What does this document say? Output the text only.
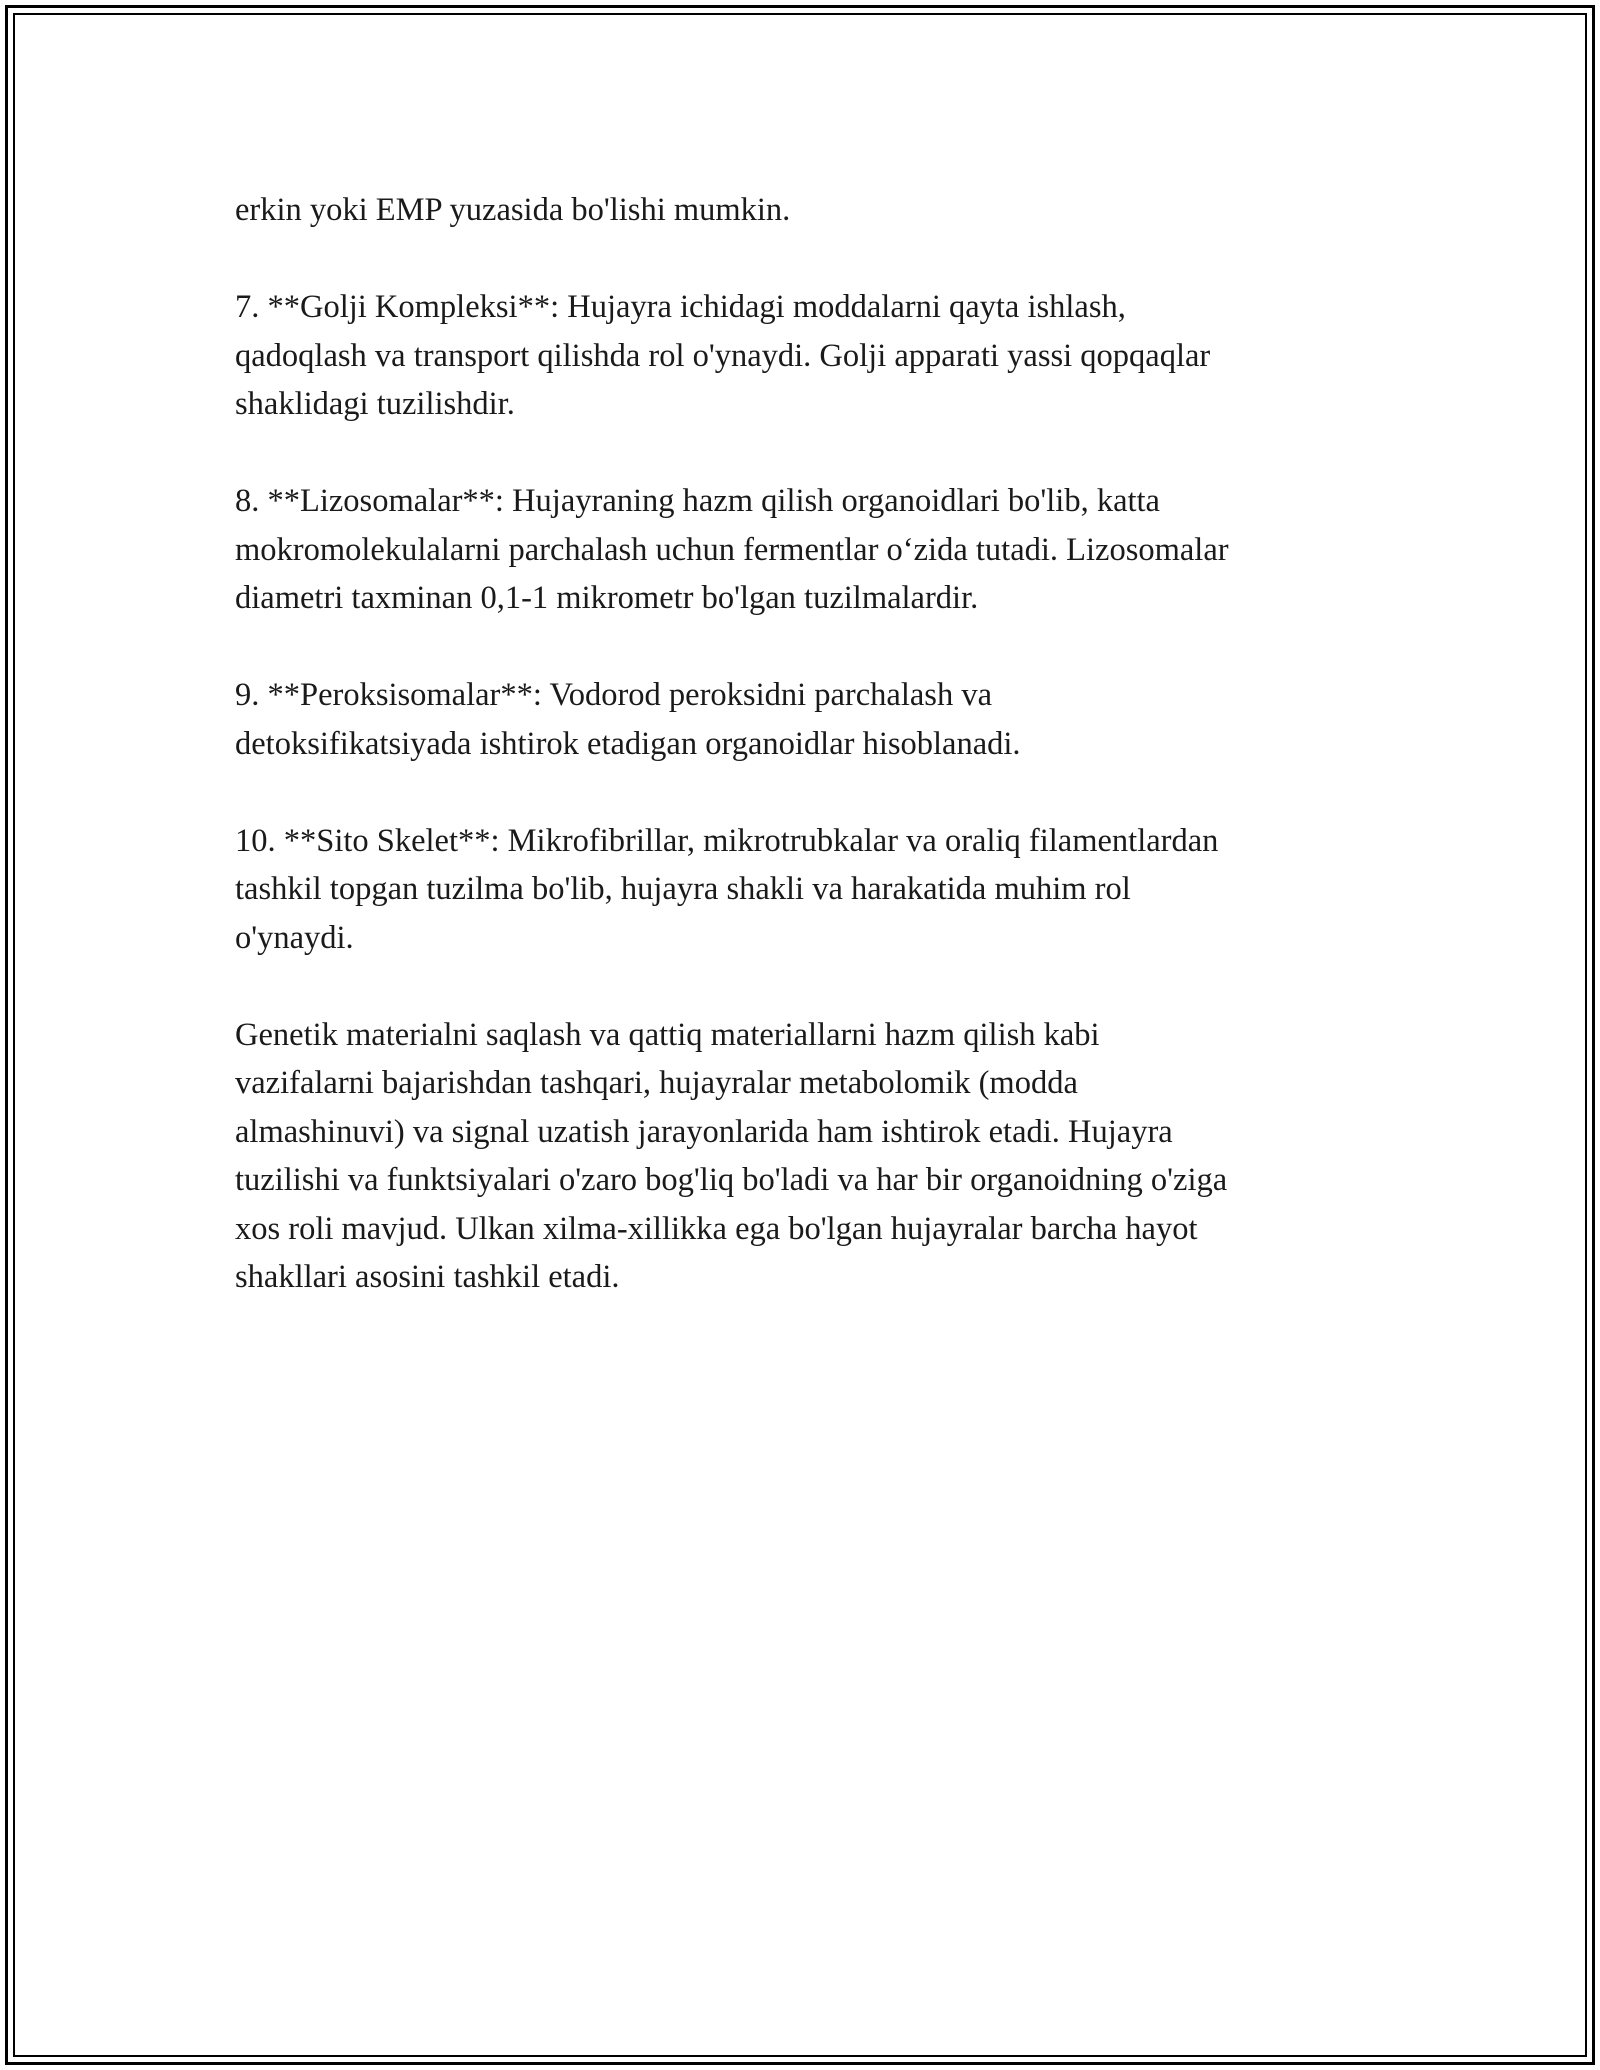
erkin yoki EMP yuzasida bo'lishi mumkin.

7. **Golji Kompleksi**: Hujayra ichidagi moddalarni qayta ishlash,
qadoqlash va transport qilishda rol o'ynaydi. Golji apparati yassi qopqaqlar
shaklidagi tuzilishdir.

8. **Lizosomalar**: Hujayraning hazm qilish organoidlari bo'lib, katta
mokromolekulalarni parchalash uchun fermentlar o‘zida tutadi. Lizosomalar
diametri taxminan 0,1-1 mikrometr bo'lgan tuzilmalardir.

9. **Peroksisomalar**: Vodorod peroksidni parchalash va
detoksifikatsiyada ishtirok etadigan organoidlar hisoblanadi.

10. **Sito Skelet**: Mikrofibrillar, mikrotrubkalar va oraliq filamentlardan
tashkil topgan tuzilma bo'lib, hujayra shakli va harakatida muhim rol
o'ynaydi.

Genetik materialni saqlash va qattiq materiallarni hazm qilish kabi
vazifalarni bajarishdan tashqari, hujayralar metabolomik (modda
almashinuvi) va signal uzatish jarayonlarida ham ishtirok etadi. Hujayra
tuzilishi va funktsiyalari o'zaro bog'liq bo'ladi va har bir organoidning o'ziga
xos roli mavjud. Ulkan xilma-xillikka ega bo'lgan hujayralar barcha hayot
shakllari asosini tashkil etadi.
